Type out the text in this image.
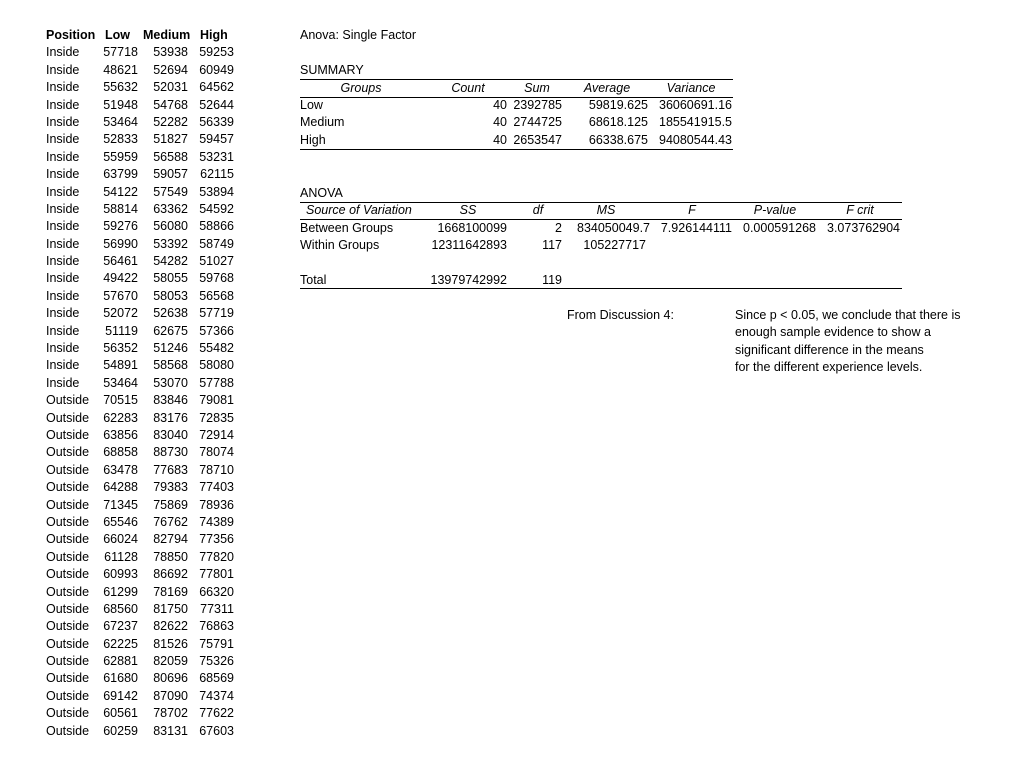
Position Low Medium High
Inside	57718 53938 59253
Inside	48621 52694 60949
Inside	55632 52031 64562
Inside	51948 54768 52644
Inside	53464 52282 56339
Inside	52833 51827 59457
Inside	55959 56588 53231
Inside	63799 59057 62115
Inside	54122 57549 53894
Inside	58814 63362 54592
Inside	59276 56080 58866
Inside	56990 53392 58749
Inside	56461 54282 51027
Inside	49422 58055 59768
Inside	57670 58053 56568
Inside	52072 52638 57719
Inside	51119 62675 57366
Inside	56352 51246 55482
Inside	54891 58568 58080
Inside	53464 53070 57788
Outside	70515 83846 79081
Outside	62283 83176 72835
Outside	63856 83040 72914
Outside	68858 88730 78074
Outside	63478 77683 78710
Outside	64288 79383 77403
Outside	71345 75869 78936
Outside	65546 76762 74389
Outside	66024 82794 77356
Outside	61128 78850 77820
Outside	60993 86692 77801
Outside	61299 78169 66320
Outside	68560 81750 77311
Outside	67237 82622 76863
Outside	62225 81526 75791
Outside	62881 82059 75326
Outside	61680 80696 68569
Outside	69142 87090 74374
Outside	60561 78702 77622
Outside	60259 83131 67603
Anova: Single Factor
SUMMARY
Groups	Count	Sum	Average	Variance
Low	40 2392785	59819.625 36060691.16
Medium	40 2744725	68618.125 185541915.5
High	40 2653547	66338.675 94080544.43
ANOVA
Source of Variation	SS	df	MS	F	P-value	F crit
Between Groups	1668100099	2	834050049.7 7.926144111 0.000591268 3.073762904
Within Groups	12311642893	117	105227717
Total	13979742992	119
From Discussion 4:	Since p < 0.05, we conclude that there is
enough sample evidence to show a
significant difference in the means
for the different experience levels.
